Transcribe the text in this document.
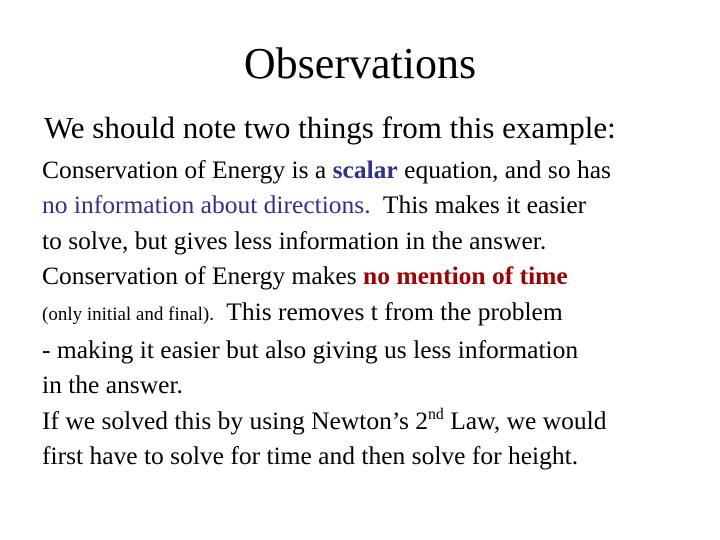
Observations
We should note two things from this example:
Conservation of Energy is a scalar equation, and so has
no information about directions.  This makes it easier
to solve, but gives less information in the answer.
Conservation of Energy makes no mention of time
(only initial and final).  This removes t from the problem
- making it easier but also giving us less information
in the answer.
If we solved this by using Newton’s 2nd Law, we would
first have to solve for time and then solve for height.
